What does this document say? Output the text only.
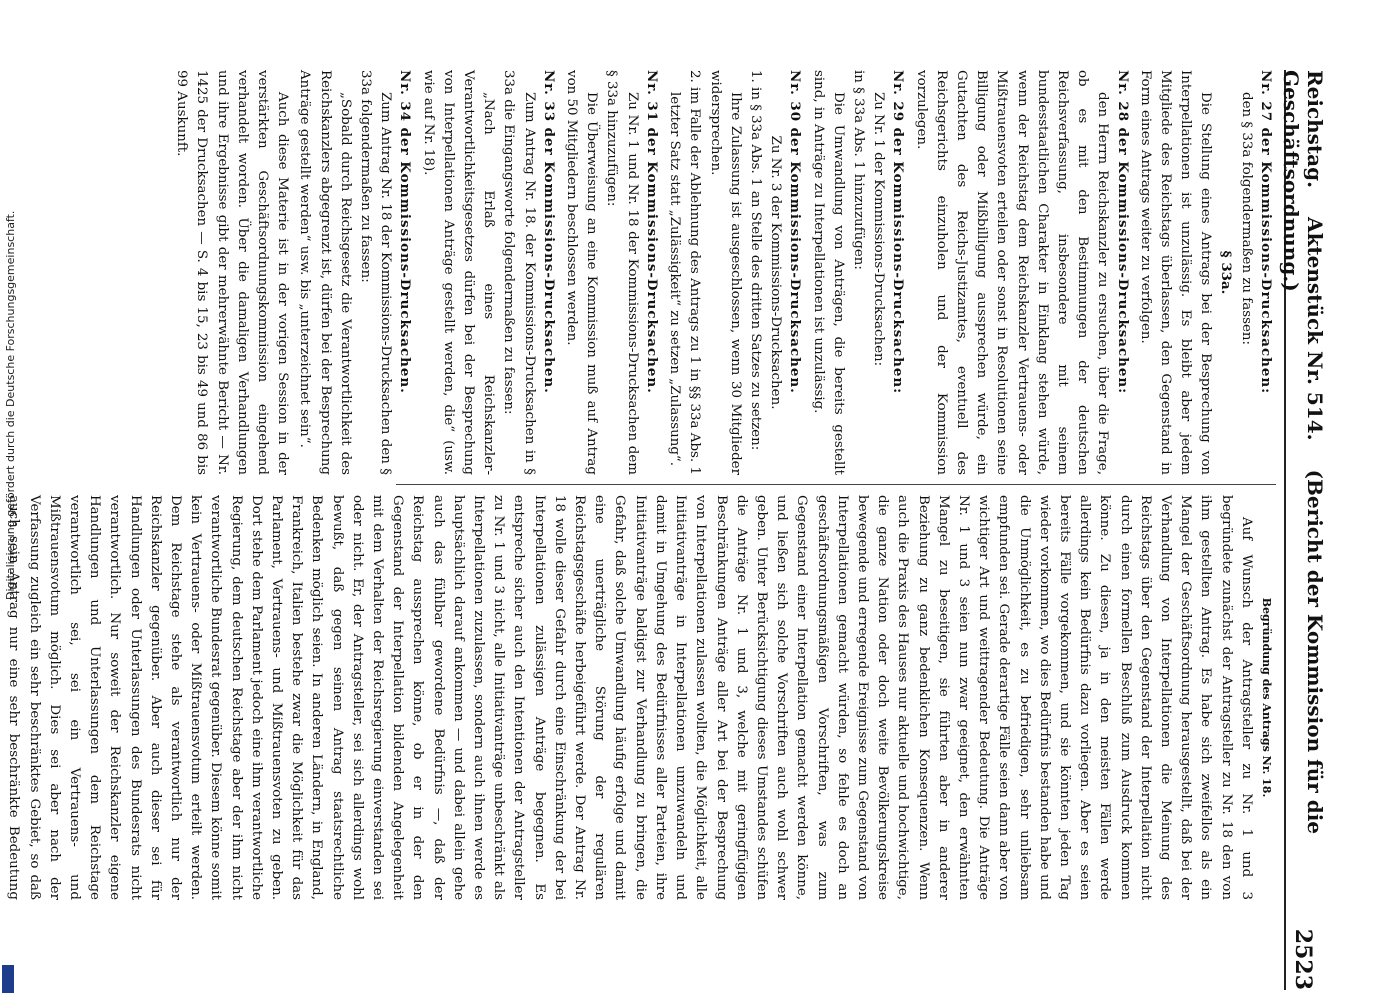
Reichstag. Aktenstück Nr. 514. (Bericht der Kommission für die Geschäftsordnung.)
2523

Nr. 27 der Kommissions-Drucksachen:

den § 33a folgendermaßen zu fassen:

§ 33a.

Die Stellung eines Antrags bei der Besprechung von Interpellationen ist unzulässig. Es bleibt aber jedem Mitgliede des Reichstags überlassen, den Gegenstand in Form eines Antrags weiter zu verfolgen.

Nr. 28 der Kommissions-Drucksachen:

den Herrn Reichskanzler zu ersuchen, über die Frage, ob es mit den Bestimmungen der deutschen Reichsverfassung, insbesondere mit seinem bundesstaatlichen Charakter in Einklang stehen würde, wenn der Reichstag dem Reichskanzler Vertrauens- oder Mißtrauensvoten erteilen oder sonst in Resolutionen seine Billigung oder Mißbilligung aussprechen würde, ein Gutachten des Reichs-Justizamtes, eventuell des Reichsgerichts einzuholen und der Kommission vorzulegen.

Nr. 29 der Kommissions-Drucksachen:

Zu Nr. 1 der Kommissions-Drucksachen:

in § 33a Abs. 1 hinzuzufügen:

Die Umwandlung von Anträgen, die bereits gestellt sind, in Anträge zu Interpellationen ist unzulässig.

Nr. 30 der Kommissions-Drucksachen.

Zu Nr. 3 der Kommissions-Drucksachen.

1. in § 33a Abs. 1 an Stelle des dritten Satzes zu setzen:

Ihre Zulassung ist ausgeschlossen, wenn 30 Mitglieder widersprechen.

2. im Falle der Ablehnung des Antrags zu 1 in §§ 33a Abs. 1 letzter Satz statt „Zulässigkeit“ zu setzen „Zulassung“.

Nr. 31 der Kommissions-Drucksachen.

Zu Nr. 1 und Nr. 18 der Kommissions-Drucksachen dem § 33a hinzuzufügen:

Die Überweisung an eine Kommission muß auf Antrag von 50 Mitgliedern beschlossen werden.

Nr. 33 der Kommissions-Drucksachen.

Zum Antrag Nr. 18. der Kommissions-Drucksachen in § 33a die Eingangsworte folgendermaßen zu fassen:

„Nach Erlaß eines Reichskanzler-Verantwortlichkeitsgesetzes dürfen bei der Besprechung von Interpellationen Anträge gestellt werden, die“ (usw. wie auf Nr. 18).

Nr. 34 der Kommissions-Drucksachen.

Zum Antrag Nr. 18 der Kommissions-Drucksachen den § 33a folgendermaßen zu fassen:

„Sobald durch Reichsgesetz die Verantwortlichkeit des Reichskanzlers abgegrenzt ist, dürfen bei der Besprechung Anträge gestellt werden“ usw. bis „unterzeichnet sein“.

Auch diese Materie ist in der vorigen Session in der verstärkten Geschäftsordnungskommission eingehend verhandelt worden. Über die damaligen Verhandlungen und ihre Ergebnisse gibt der mehrerwähnte Bericht — Nr. 1425 der Drucksachen — S. 4 bis 15, 23 bis 49 und 86 bis 99 Auskunft.

Begründung des Antrags Nr. 18.

Auf Wunsch der Antragsteller zu Nr. 1 und 3 begründete zunächst der Antragsteller zu Nr. 18 den von ihm gestellten Antrag. Es habe sich zweifellos als ein Mangel der Geschäftsordnung herausgestellt, daß bei der Verhandlung von Interpellationen die Meinung des Reichstags über den Gegenstand der Interpellation nicht durch einen formellen Beschluß zum Ausdruck kommen könne. Zu diesen, ja in den meisten Fällen werde allerdings kein Bedürfnis dazu vorliegen. Aber es seien bereits Fälle vorgekommen, und sie könnten jeden Tag wieder vorkommen, wo dies Bedürfnis bestanden habe und die Unmöglichkeit, es zu befriedigen, sehr unliebsam empfunden sei. Gerade derartige Fälle seien dann aber von wichtiger Art und weittragender Bedeutung. Die Anträge Nr. 1 und 3 seien nun zwar geeignet, den erwähnten Mangel zu beseitigen, sie führten aber in anderer Beziehung zu ganz bedenklichen Konsequenzen. Wenn auch die Praxis des Hauses nur aktuelle und hochwichtige, die ganze Nation oder doch weite Bevölkerungskreise bewegende und erregende Ereignisse zum Gegenstand von Interpellationen gemacht würden, so fehle es doch an geschäftsordnungsmäßigen Vorschriften, was zum Gegenstand einer Interpellation gemacht werden könne, und ließen sich solche Vorschriften auch wohl schwer geben. Unter Berücksichtigung dieses Umstandes schüfen die Anträge Nr. 1 und 3, welche mit geringfügigen Beschränkungen Anträge aller Art bei der Besprechung von Interpellationen zulassen wollten, die Möglichkeit, alle Initiativanträge in Interpellationen umzuwandeln und damit in Umgehung des Bedürfnisses aller Parteien, ihre Initiativanträge baldigst zur Verhandlung zu bringen, die Gefahr, daß solche Umwandlung häufig erfolge und damit eine unerträgliche Störung der regulären Reichstagsgeschäfte herbeigeführt werde. Der Antrag Nr. 18 wolle dieser Gefahr durch eine Einschränkung der bei Interpellationen zulässigen Anträge begegnen. Es entspreche sicher auch den Intentionen der Antragsteller zu Nr. 1 und 3 nicht, alle Initiativanträge unbeschränkt als Interpellationen zuzulassen, sondern auch ihnen werde es hauptsächlich darauf ankommen — und dabei allein gehe auch das fühlbar gewordene Bedürfnis —, daß der Reichstag aussprechen könne, ob er in der den Gegenstand der Interpellation bildenden Angelegenheit mit dem Verhalten der Reichsregierung einverstanden sei oder nicht. Er, der Antragsteller, sei sich allerdings wohl bewußt, daß gegen seinen Antrag staatsrechtliche Bedenken möglich seien. In anderen Ländern, in England, Frankreich, Italien bestehe zwar die Möglichkeit für das Parlament, Vertrauens- und Mißtrauensvoten zu geben. Dort stehe dem Parlament jedoch eine ihm verantwortliche Regierung, dem deutschen Reichstage aber der ihm nicht verantwortliche Bundesrat gegenüber. Diesem könne somit kein Vertrauens- oder Mißtrauensvotum erteilt werden. Dem Reichstage stehe als verantwortlich nur der Reichskanzler gegenüber. Aber auch dieser sei für Handlungen oder Unterlassungen des Bundesrats nicht verantwortlich. Nur soweit der Reichskanzler eigene Handlungen und Unterlassungen dem Reichstage verantwortlich sei, sei ein Vertrauens- und Mißtrauensvotum möglich. Dies sei aber nach der Verfassung zugleich ein sehr beschränktes Gebiet, so daß auch sein Antrag nur eine sehr beschränkte Bedeutung

Digitalisierung gefördert durch die Deutsche Forschungsgemeinschaft.
